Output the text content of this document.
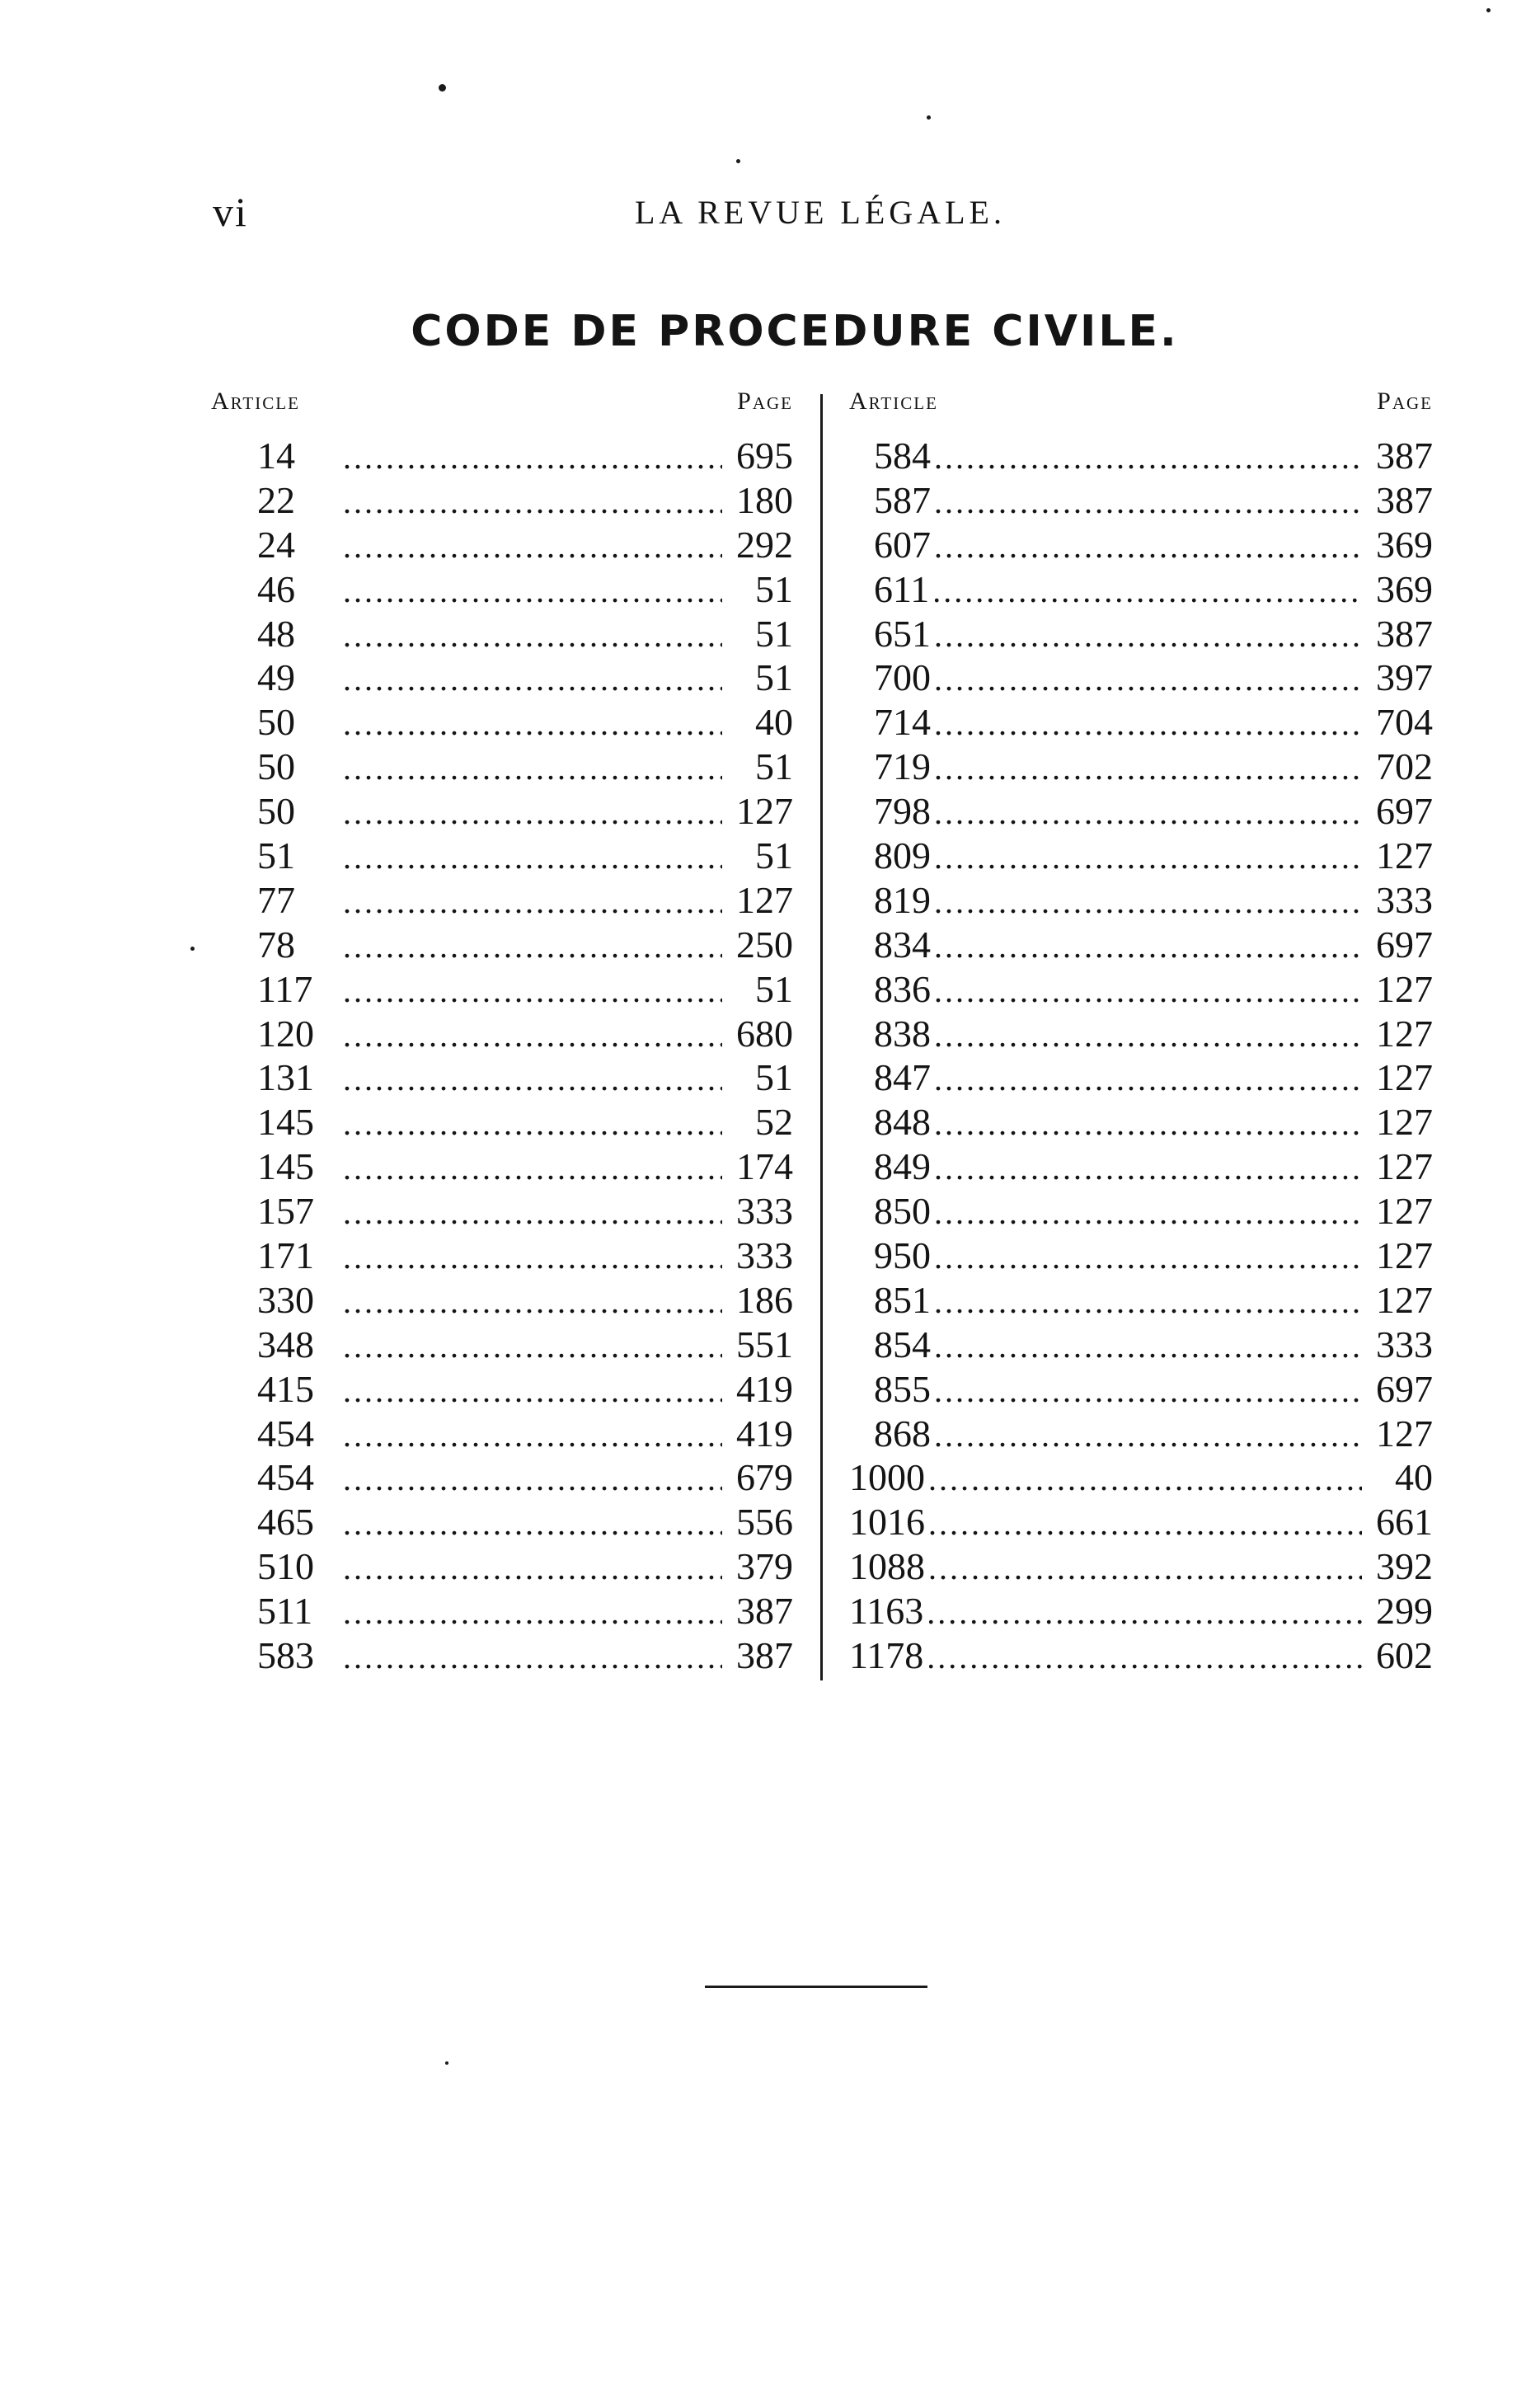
vi	LA REVUE LÉGALE.
CODE DE PROCEDURE CIVILE.
Article	Page
14 .....	695
22 .....	180
24 .....	292
46 .....	51
48 .....	51
49 .....	51
50 .....	40
50 .....	51
50 .....	127
51 .....	51
77 .....	127
78 .....	250
117 .....	51
120 .....	680
131 .....	51
145 .....	52
145 .....	174
157 .....	333
171 .....	333
330 .....	186
348 .....	551
415 .....	419
454 .....	419
454 .....	679
465 .....	556
510 .....	379
511 .....	387
583 .....	387
Article	Page
584 .....	387
587 .....	387
607 .....	369
611 .....	369
651 .....	387
700 .....	397
714 .....	704
719 .....	702
798 .....	697
809 .....	127
819 .....	333
834 .....	697
836 .....	127
838 .....	127
847 .....	127
848 .....	127
849 .....	127
850 .....	127
950 .....	127
851 .....	127
854 .....	333
855 .....	697
868 .....	127
1000 .....	40
1016 .....	661
1088 .....	392
1163 .....	299
1178 .....	602
